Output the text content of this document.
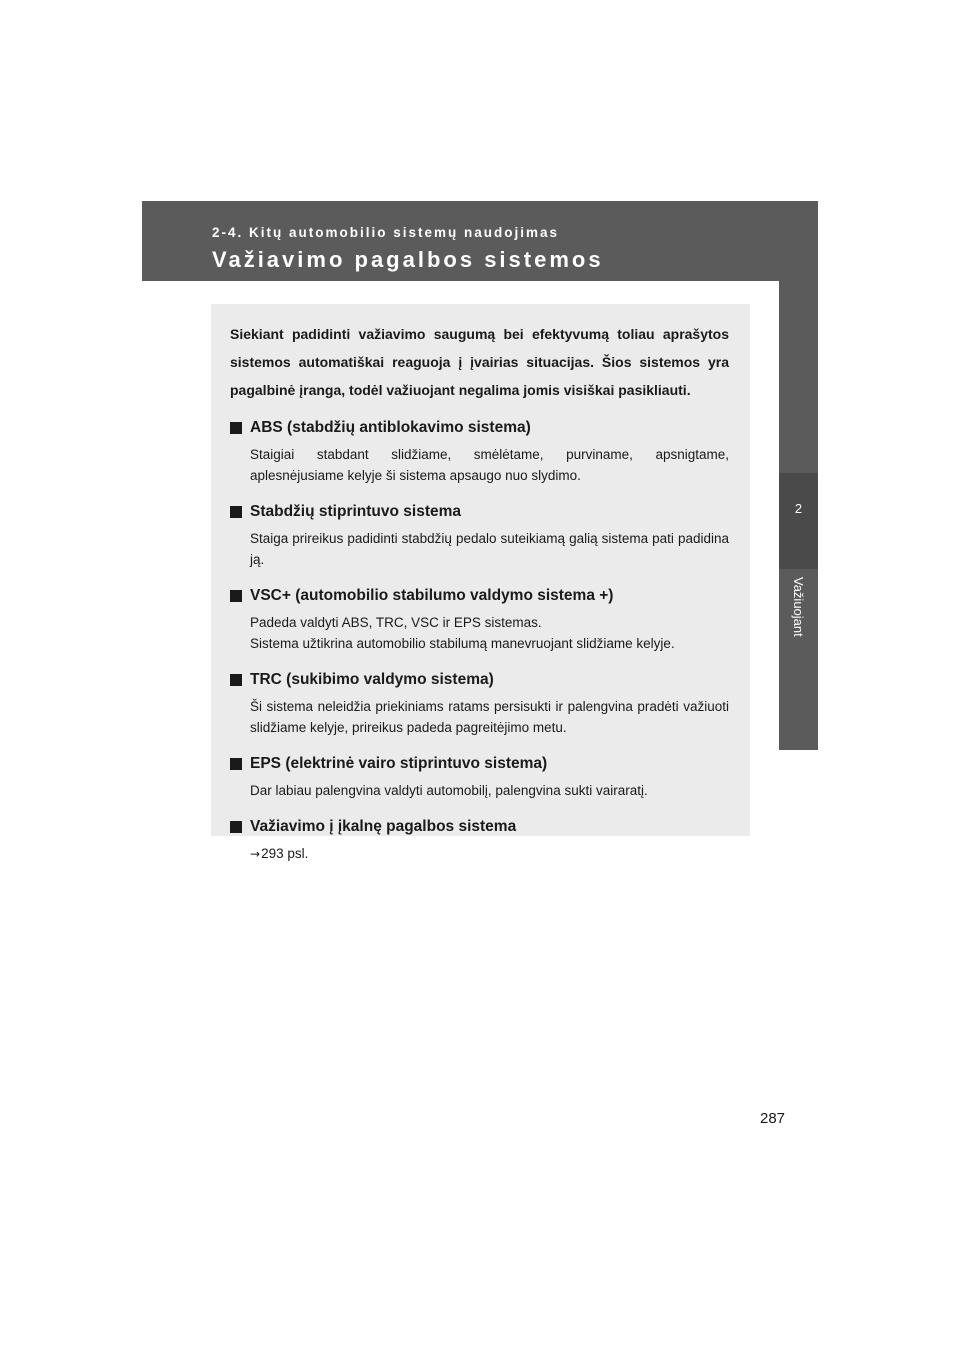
2-4. Kitų automobilio sistemų naudojimas
Važiavimo pagalbos sistemos
2
Važiuojant

Siekiant padidinti važiavimo saugumą bei efektyvumą toliau aprašytos sistemos automatiškai reaguoja į įvairias situacijas. Šios sistemos yra pagalbinė įranga, todėl važiuojant negalima jomis visiškai pasikliauti.

ABS (stabdžių antiblokavimo sistema)

Staigiai stabdant slidžiame, smėlėtame, purviname, apsnigtame, aplesnėjusiame kelyje ši sistema apsaugo nuo slydimo.

Stabdžių stiprintuvo sistema

Staiga prireikus padidinti stabdžių pedalo suteikiamą galią sistema pati padidina ją.

VSC+ (automobilio stabilumo valdymo sistema +)

Padeda valdyti ABS, TRC, VSC ir EPS sistemas.
Sistema užtikrina automobilio stabilumą manevruojant slidžiame kelyje.

TRC (sukibimo valdymo sistema)

Ši sistema neleidžia priekiniams ratams persisukti ir palengvina pradėti važiuoti slidžiame kelyje, prireikus padeda pagreitėjimo metu.

EPS (elektrinė vairo stiprintuvo sistema)

Dar labiau palengvina valdyti automobilį, palengvina sukti vairaratį.

Važiavimo į įkalnę pagalbos sistema

→293 psl.

287
